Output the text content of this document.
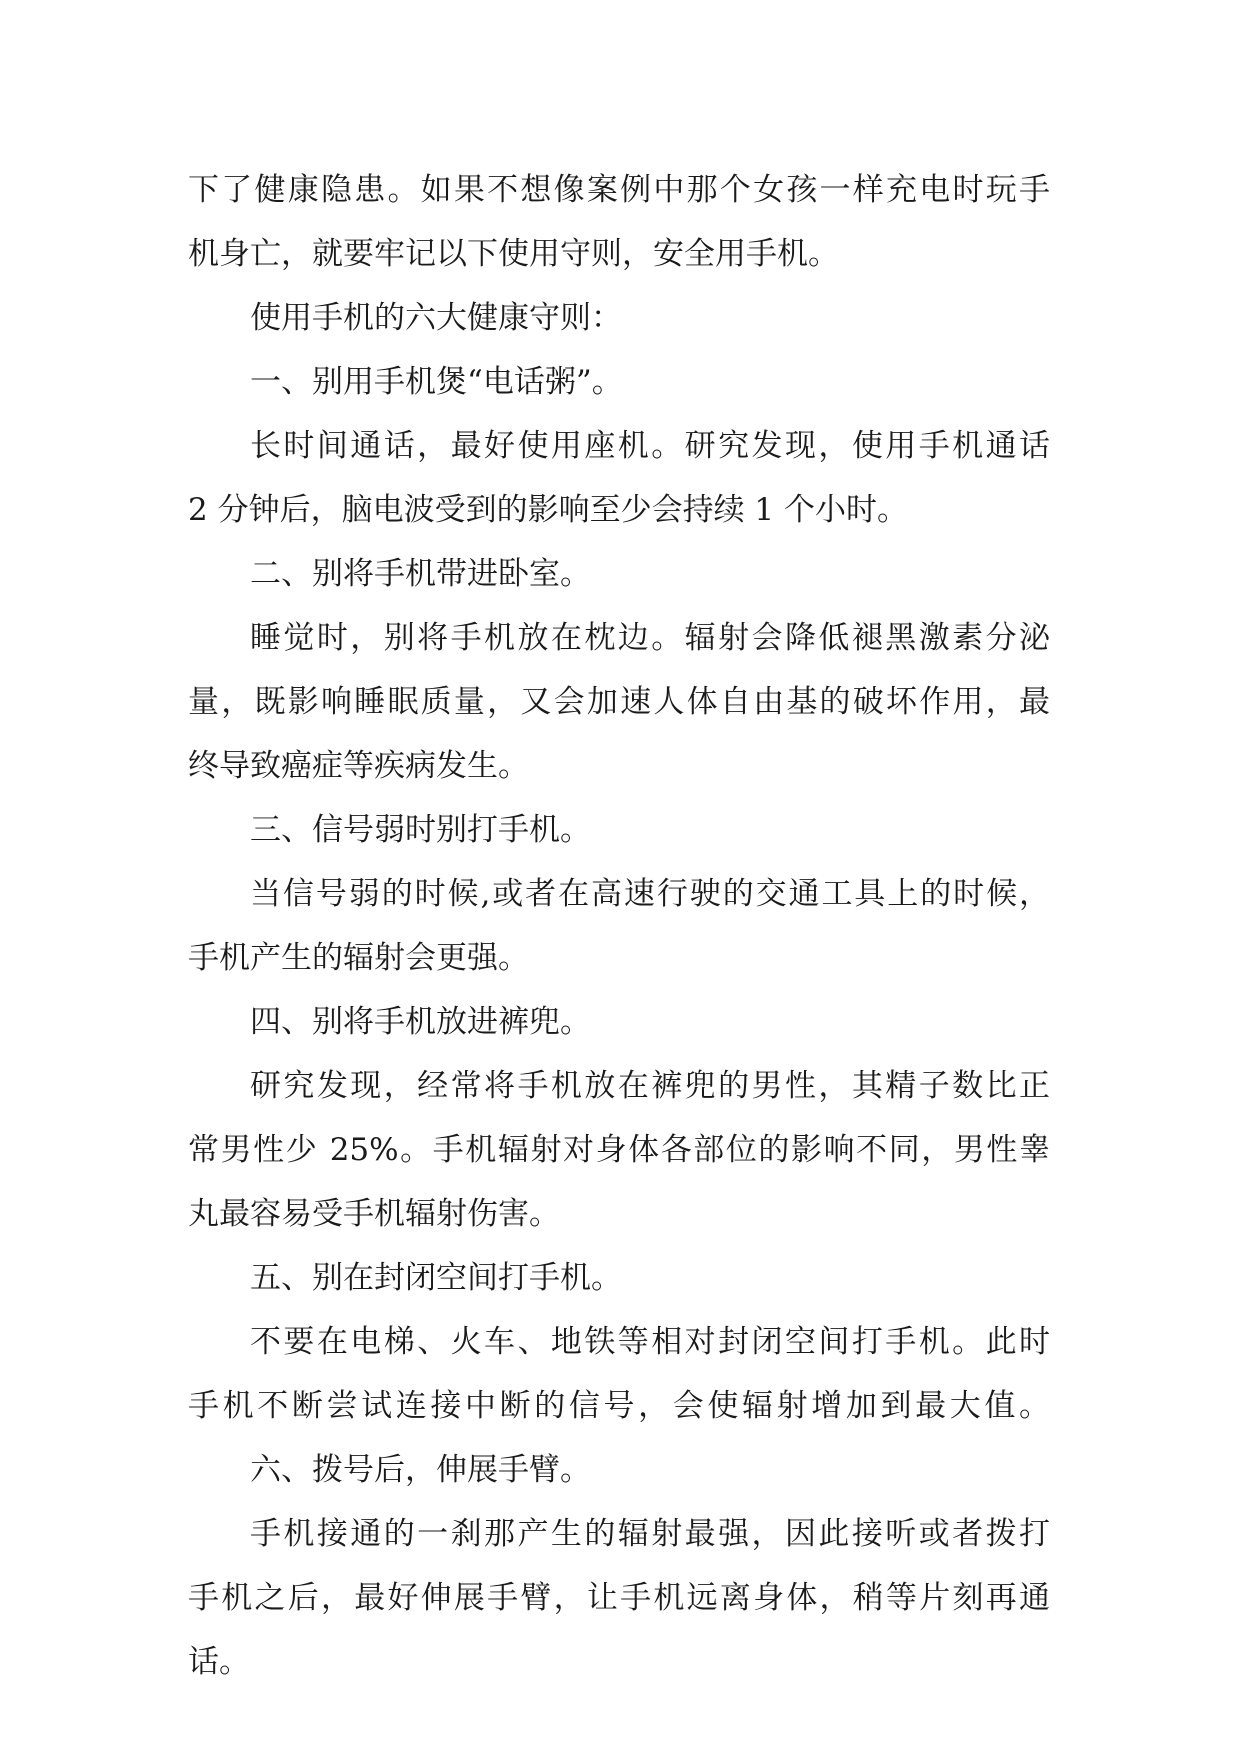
下了健康隐患。如果不想像案例中那个女孩一样充电时玩手
机身亡，就要牢记以下使用守则，安全用手机。
使用手机的六大健康守则：
一、别用手机煲“电话粥”。
长时间通话，最好使用座机。研究发现，使用手机通话
2 分钟后，脑电波受到的影响至少会持续 1 个小时。
二、别将手机带进卧室。
睡觉时，别将手机放在枕边。辐射会降低褪黑激素分泌
量，既影响睡眠质量，又会加速人体自由基的破坏作用，最
终导致癌症等疾病发生。
三、信号弱时别打手机。
当信号弱的时候,或者在高速行驶的交通工具上的时候，
手机产生的辐射会更强。
四、别将手机放进裤兜。
研究发现，经常将手机放在裤兜的男性，其精子数比正
常男性少 25%。手机辐射对身体各部位的影响不同，男性睾
丸最容易受手机辐射伤害。
五、别在封闭空间打手机。
不要在电梯、火车、地铁等相对封闭空间打手机。此时
手机不断尝试连接中断的信号，会使辐射增加到最大值。
六、拨号后，伸展手臂。
手机接通的一刹那产生的辐射最强，因此接听或者拨打
手机之后，最好伸展手臂，让手机远离身体，稍等片刻再通
话。
